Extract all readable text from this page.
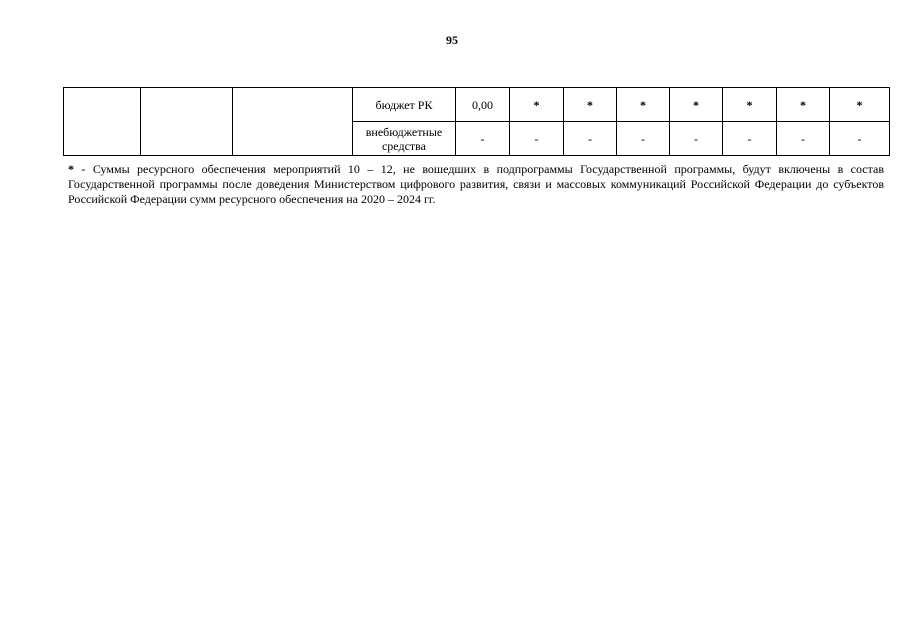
95
			бюджет РК	0,00	*	*	*	*	*	*	*
			внебюджетные средства	-	-	-	-	-	-	-	-
* - Суммы ресурсного обеспечения мероприятий 10 – 12, не вошедших в подпрограммы Государственной программы, будут включены в состав Государственной программы после доведения Министерством цифрового развития, связи и массовых коммуникаций Российской Федерации до субъектов Российской Федерации сумм ресурсного обеспечения на 2020 – 2024 гг.
